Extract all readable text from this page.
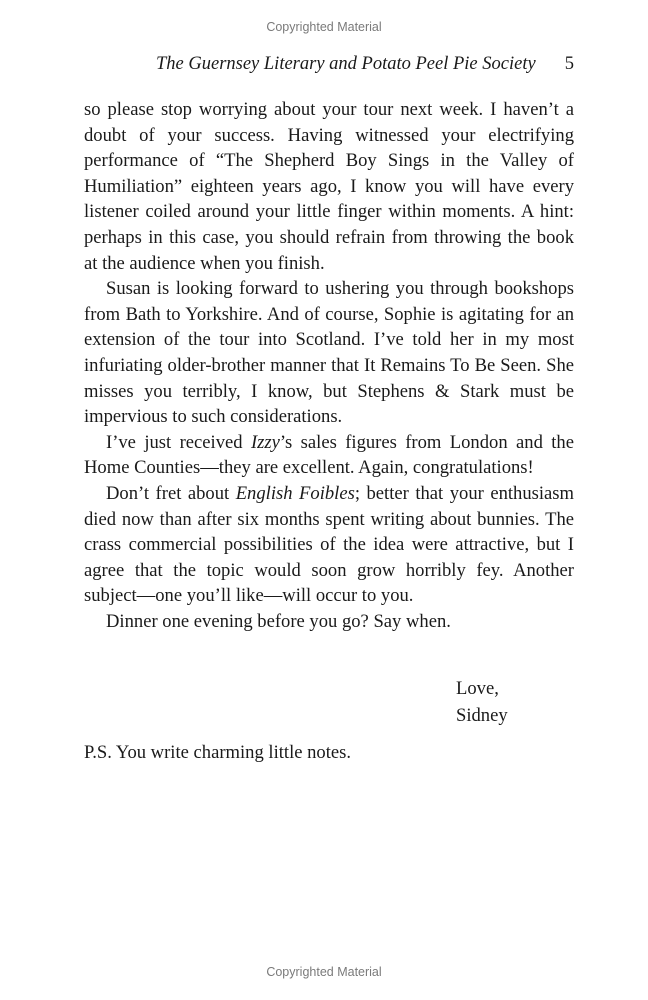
Copyrighted Material
The Guernsey Literary and Potato Peel Pie Society 5

so please stop worrying about your tour next week. I haven’t a doubt of your success. Having witnessed your electrifying performance of “The Shepherd Boy Sings in the Valley of Humiliation” eighteen years ago, I know you will have every listener coiled around your little finger within moments. A hint: perhaps in this case, you should refrain from throwing the book at the audience when you finish.

Susan is looking forward to ushering you through bookshops from Bath to Yorkshire. And of course, Sophie is agitating for an extension of the tour into Scotland. I’ve told her in my most infuriating older-brother manner that It Remains To Be Seen. She misses you terribly, I know, but Stephens & Stark must be impervious to such considerations.

I’ve just received Izzy’s sales figures from London and the Home Counties—they are excellent. Again, congratulations!

Don’t fret about English Foibles; better that your enthusiasm died now than after six months spent writing about bunnies. The crass commercial possibilities of the idea were attractive, but I agree that the topic would soon grow horribly fey. Another subject—one you’ll like—will occur to you.

Dinner one evening before you go? Say when.

Love,
Sidney
P.S. You write charming little notes.
Copyrighted Material
